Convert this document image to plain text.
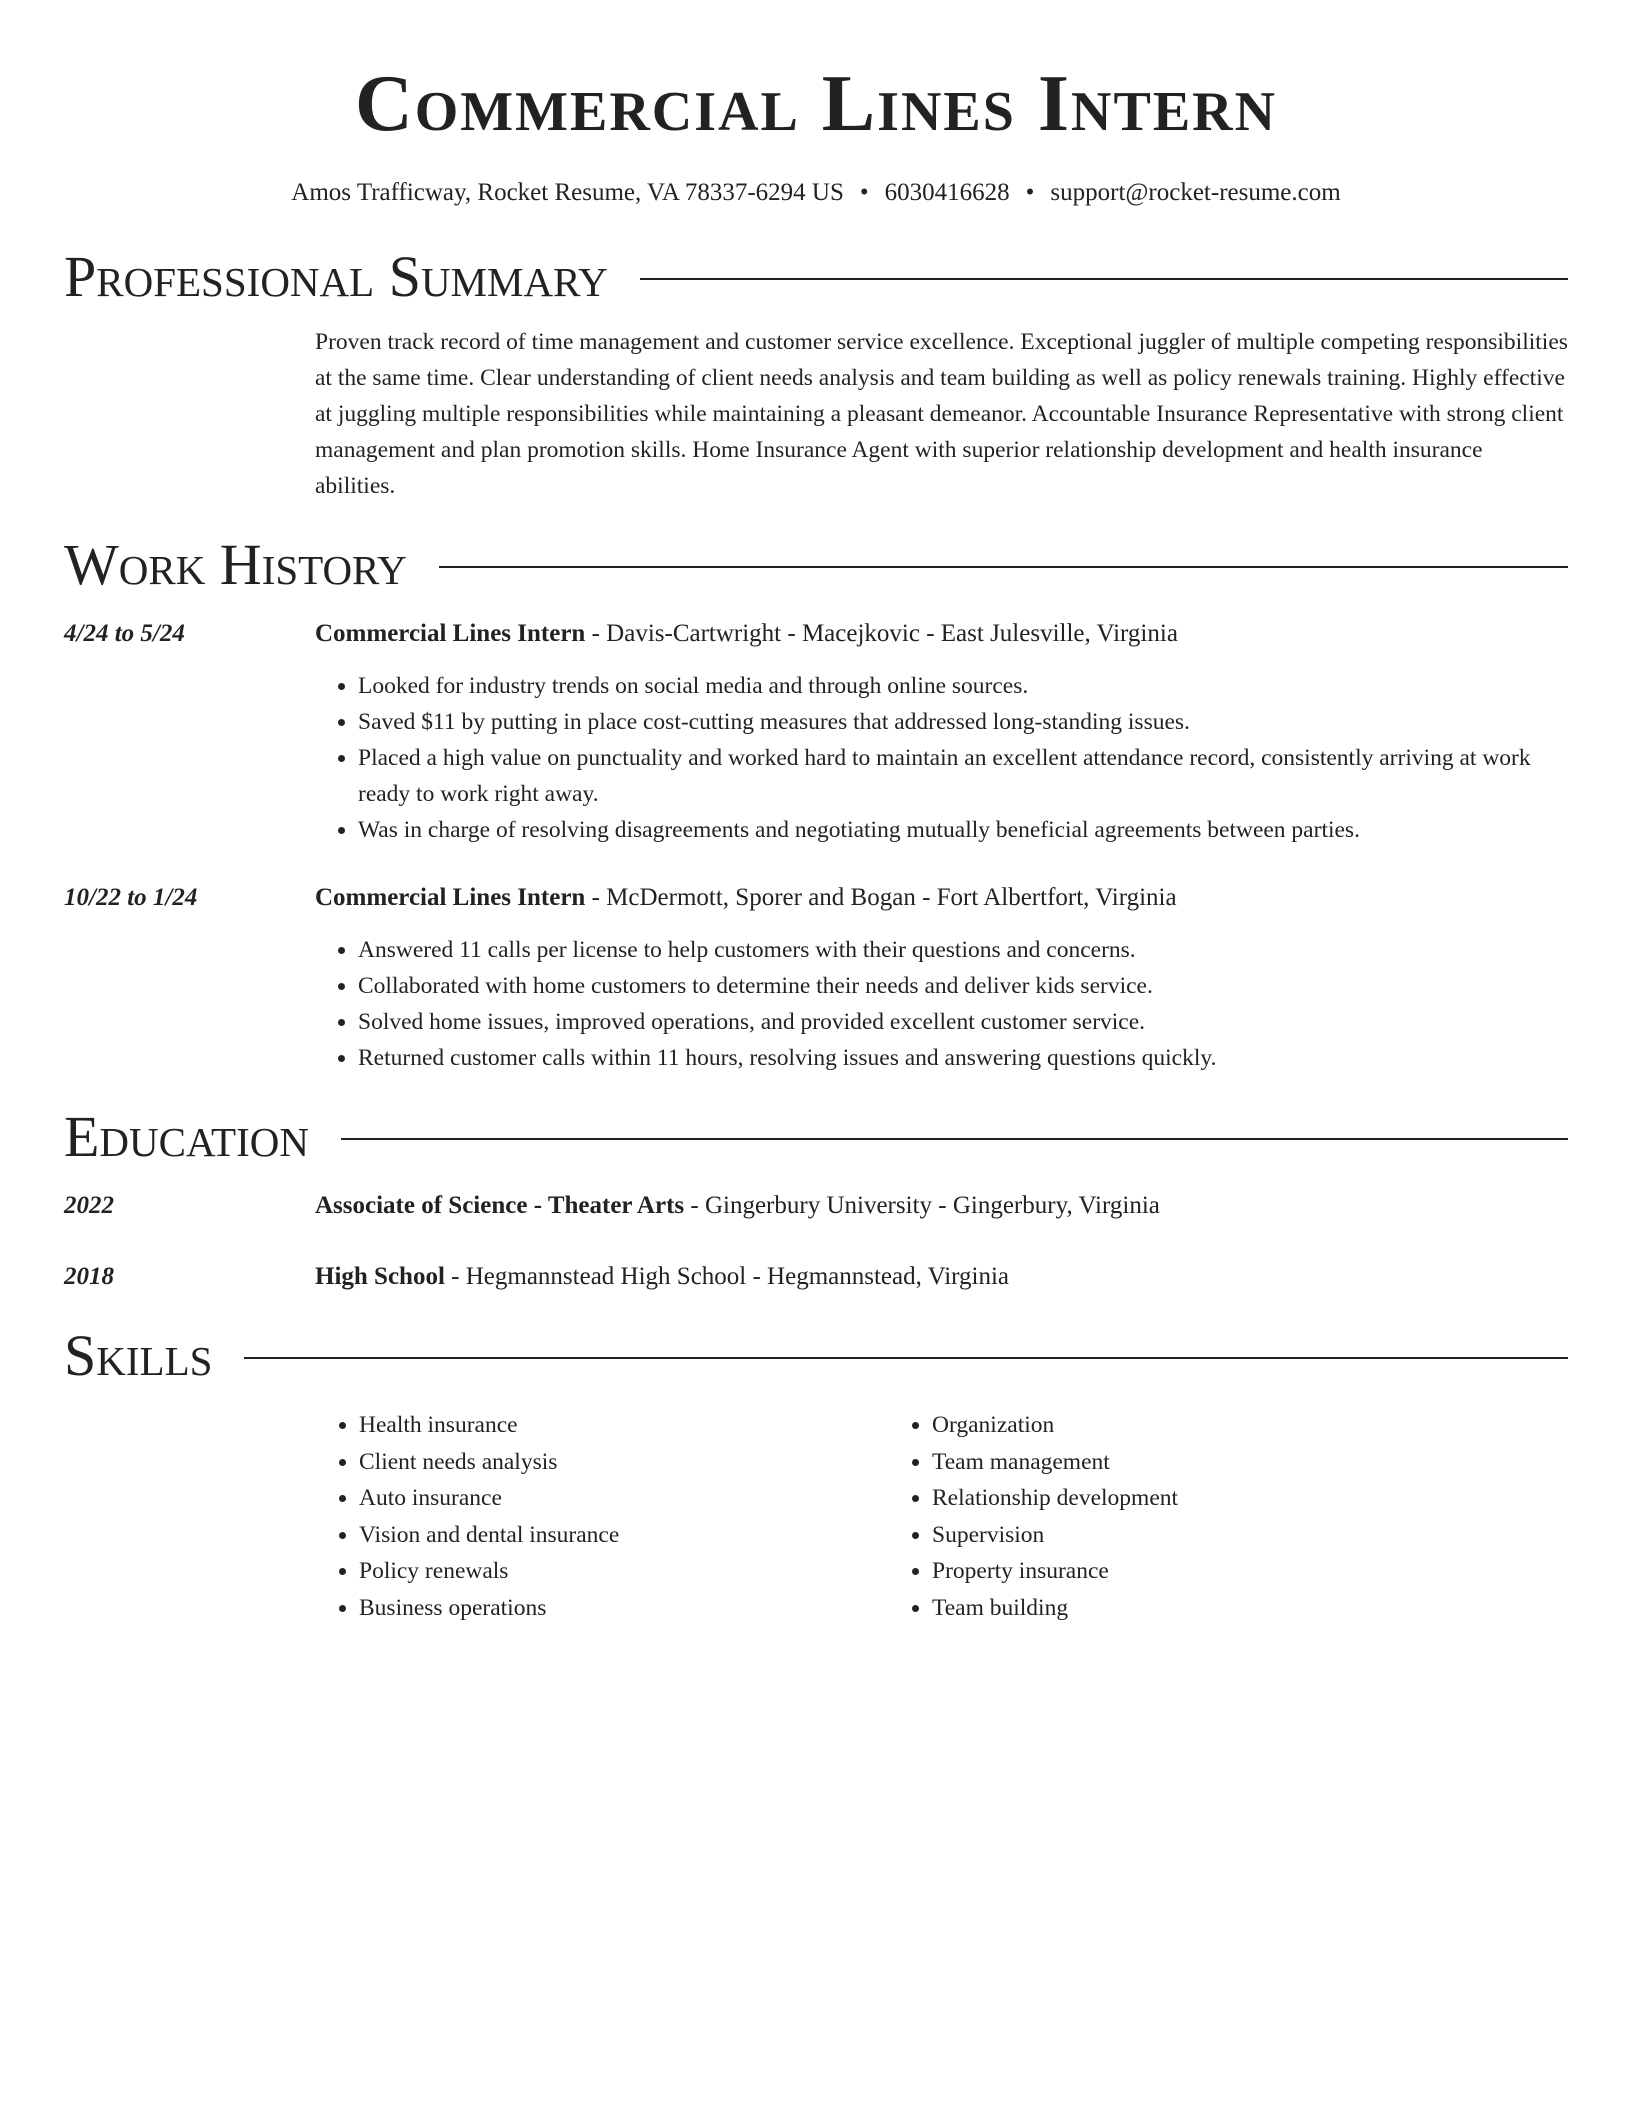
Commercial Lines Intern
Amos Trafficway, Rocket Resume, VA 78337-6294 US • 6030416628 • support@rocket-resume.com
Professional Summary
Proven track record of time management and customer service excellence. Exceptional juggler of multiple competing responsibilities at the same time. Clear understanding of client needs analysis and team building as well as policy renewals training. Highly effective at juggling multiple responsibilities while maintaining a pleasant demeanor. Accountable Insurance Representative with strong client management and plan promotion skills. Home Insurance Agent with superior relationship development and health insurance abilities.
Work History
4/24 to 5/24	Commercial Lines Intern - Davis-Cartwright - Macejkovic - East Julesville, Virginia
• Looked for industry trends on social media and through online sources.
• Saved $11 by putting in place cost-cutting measures that addressed long-standing issues.
• Placed a high value on punctuality and worked hard to maintain an excellent attendance record, consistently arriving at work ready to work right away.
• Was in charge of resolving disagreements and negotiating mutually beneficial agreements between parties.
10/22 to 1/24	Commercial Lines Intern - McDermott, Sporer and Bogan - Fort Albertfort, Virginia
• Answered 11 calls per license to help customers with their questions and concerns.
• Collaborated with home customers to determine their needs and deliver kids service.
• Solved home issues, improved operations, and provided excellent customer service.
• Returned customer calls within 11 hours, resolving issues and answering questions quickly.
Education
2022	Associate of Science - Theater Arts - Gingerbury University - Gingerbury, Virginia
2018	High School - Hegmannstead High School - Hegmannstead, Virginia
Skills
• Health insurance
• Client needs analysis
• Auto insurance
• Vision and dental insurance
• Policy renewals
• Business operations
• Organization
• Team management
• Relationship development
• Supervision
• Property insurance
• Team building
